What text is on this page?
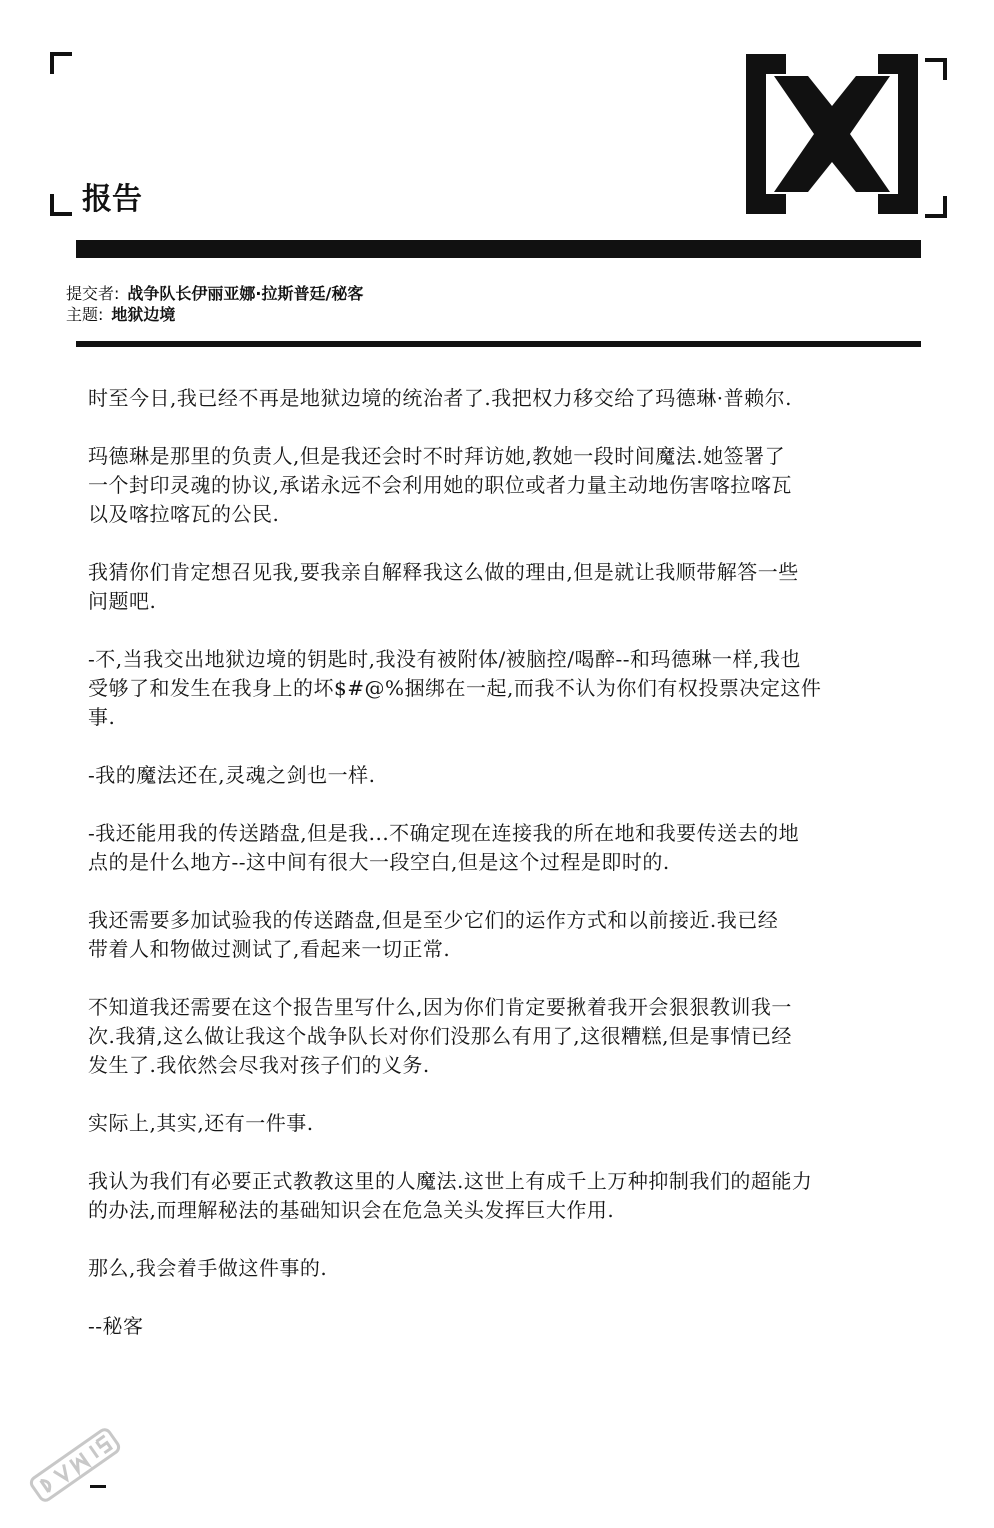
报告
提交者: 战争队长伊丽亚娜·拉斯普廷/秘客
主题: 地狱边境

时至今日,我已经不再是地狱边境的统治者了.我把权力移交给了玛德琳·普赖尔.

玛德琳是那里的负责人,但是我还会时不时拜访她,教她一段时间魔法.她签署了
一个封印灵魂的协议,承诺永远不会利用她的职位或者力量主动地伤害喀拉喀瓦
以及喀拉喀瓦的公民.

我猜你们肯定想召见我,要我亲自解释我这么做的理由,但是就让我顺带解答一些
问题吧.

-不,当我交出地狱边境的钥匙时,我没有被附体/被脑控/喝醉--和玛德琳一样,我也
受够了和发生在我身上的坏$#@%捆绑在一起,而我不认为你们有权投票决定这件
事.

-我的魔法还在,灵魂之剑也一样.

-我还能用我的传送踏盘,但是我...不确定现在连接我的所在地和我要传送去的地
点的是什么地方--这中间有很大一段空白,但是这个过程是即时的.

我还需要多加试验我的传送踏盘,但是至少它们的运作方式和以前接近.我已经
带着人和物做过测试了,看起来一切正常.

不知道我还需要在这个报告里写什么,因为你们肯定要揪着我开会狠狠教训我一
次.我猜,这么做让我这个战争队长对你们没那么有用了,这很糟糕,但是事情已经
发生了.我依然会尽我对孩子们的义务.

实际上,其实,还有一件事.

我认为我们有必要正式教教这里的人魔法.这世上有成千上万种抑制我们的超能力
的办法,而理解秘法的基础知识会在危急关头发挥巨大作用.

那么,我会着手做这件事的.

--秘客
